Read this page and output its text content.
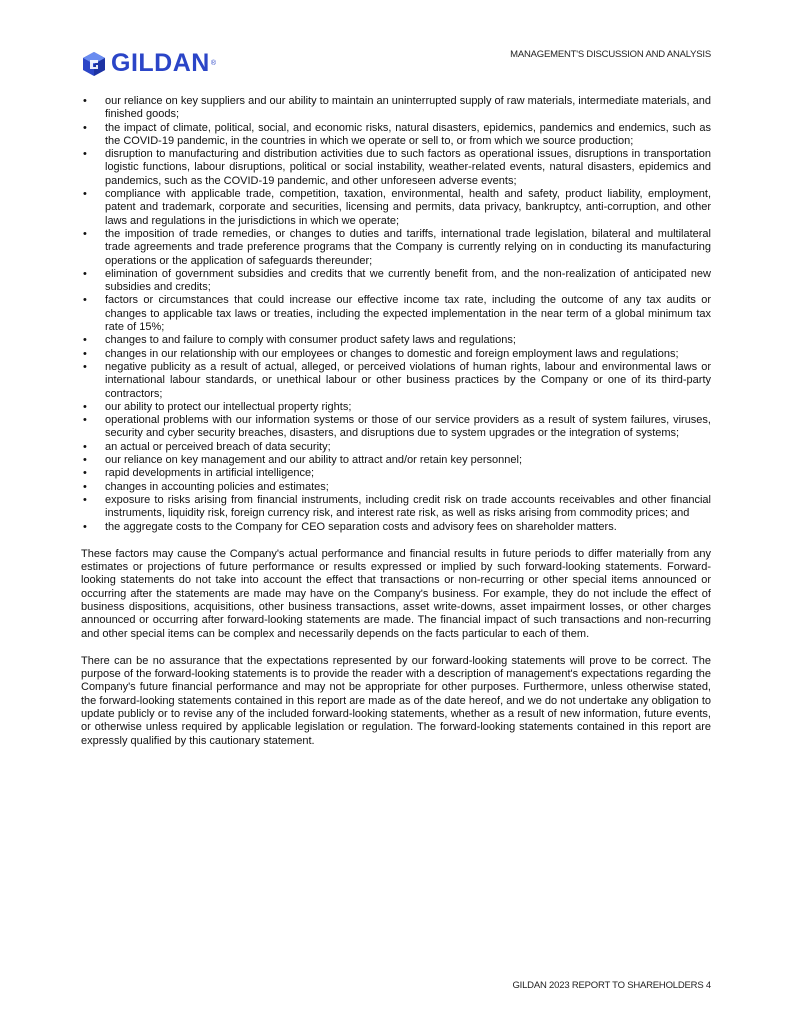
GILDAN ®
MANAGEMENT'S DISCUSSION AND ANALYSIS
• our reliance on key suppliers and our ability to maintain an uninterrupted supply of raw materials, intermediate materials, and finished goods;
• the impact of climate, political, social, and economic risks, natural disasters, epidemics, pandemics and endemics, such as the COVID-19 pandemic, in the countries in which we operate or sell to, or from which we source production;
• disruption to manufacturing and distribution activities due to such factors as operational issues, disruptions in transportation logistic functions, labour disruptions, political or social instability, weather-related events, natural disasters, epidemics and pandemics, such as the COVID-19 pandemic, and other unforeseen adverse events;
• compliance with applicable trade, competition, taxation, environmental, health and safety, product liability, employment, patent and trademark, corporate and securities, licensing and permits, data privacy, bankruptcy, anti-corruption, and other laws and regulations in the jurisdictions in which we operate;
• the imposition of trade remedies, or changes to duties and tariffs, international trade legislation, bilateral and multilateral trade agreements and trade preference programs that the Company is currently relying on in conducting its manufacturing operations or the application of safeguards thereunder;
• elimination of government subsidies and credits that we currently benefit from, and the non-realization of anticipated new subsidies and credits;
• factors or circumstances that could increase our effective income tax rate, including the outcome of any tax audits or changes to applicable tax laws or treaties, including the expected implementation in the near term of a global minimum tax rate of 15%;
• changes to and failure to comply with consumer product safety laws and regulations;
• changes in our relationship with our employees or changes to domestic and foreign employment laws and regulations;
• negative publicity as a result of actual, alleged, or perceived violations of human rights, labour and environmental laws or international labour standards, or unethical labour or other business practices by the Company or one of its third-party contractors;
• our ability to protect our intellectual property rights;
• operational problems with our information systems or those of our service providers as a result of system failures, viruses, security and cyber security breaches, disasters, and disruptions due to system upgrades or the integration of systems;
• an actual or perceived breach of data security;
• our reliance on key management and our ability to attract and/or retain key personnel;
• rapid developments in artificial intelligence;
• changes in accounting policies and estimates;
• exposure to risks arising from financial instruments, including credit risk on trade accounts receivables and other financial instruments, liquidity risk, foreign currency risk, and interest rate risk, as well as risks arising from commodity prices; and
• the aggregate costs to the Company for CEO separation costs and advisory fees on shareholder matters.

These factors may cause the Company's actual performance and financial results in future periods to differ materially from any estimates or projections of future performance or results expressed or implied by such forward-looking statements. Forward-looking statements do not take into account the effect that transactions or non-recurring or other special items announced or occurring after the statements are made may have on the Company's business. For example, they do not include the effect of business dispositions, acquisitions, other business transactions, asset write-downs, asset impairment losses, or other charges announced or occurring after forward-looking statements are made. The financial impact of such transactions and non-recurring and other special items can be complex and necessarily depends on the facts particular to each of them.

There can be no assurance that the expectations represented by our forward-looking statements will prove to be correct. The purpose of the forward-looking statements is to provide the reader with a description of management's expectations regarding the Company's future financial performance and may not be appropriate for other purposes. Furthermore, unless otherwise stated, the forward-looking statements contained in this report are made as of the date hereof, and we do not undertake any obligation to update publicly or to revise any of the included forward-looking statements, whether as a result of new information, future events, or otherwise unless required by applicable legislation or regulation. The forward-looking statements contained in this report are expressly qualified by this cautionary statement.

GILDAN 2023 REPORT TO SHAREHOLDERS 4
